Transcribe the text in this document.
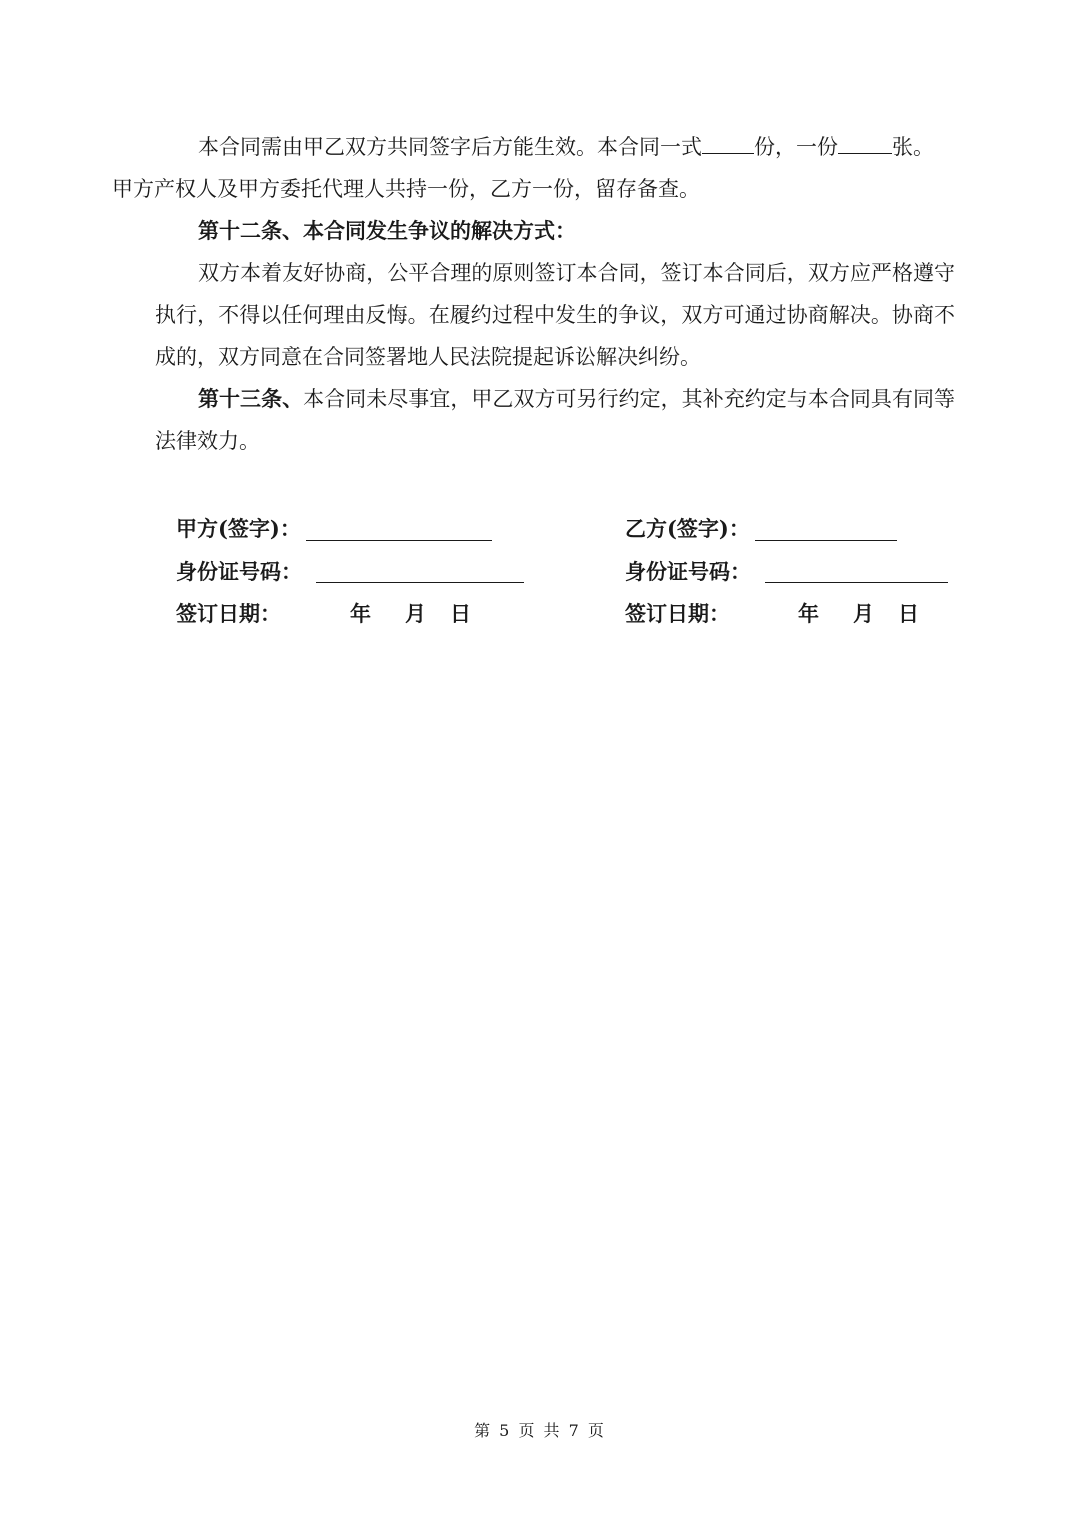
本合同需由甲乙双方共同签字后方能生效。本合同一式 份，一份	张。
甲方产权人及甲方委托代理人共持一份，乙方一份，留存备查。

第十二条、本合同发生争议的解决方式：

双方本着友好协商，公平合理的原则签订本合同，签订本合同后，双方应严格遵守执行，不得以任何理由反悔。在履约过程中发生的争议，双方可通过协商解决。协商不成的，双方同意在合同签署地人民法院提起诉讼解决纠纷。

第十三条、本合同未尽事宜，甲乙双方可另行约定，其补充约定与本合同具有同等法律效力。

甲方(签字)：
身份证号码：
签订日期：	年 月 日
乙方(签字)：
身份证号码：
签订日期：	年 月 日
第 5 页 共 7 页
